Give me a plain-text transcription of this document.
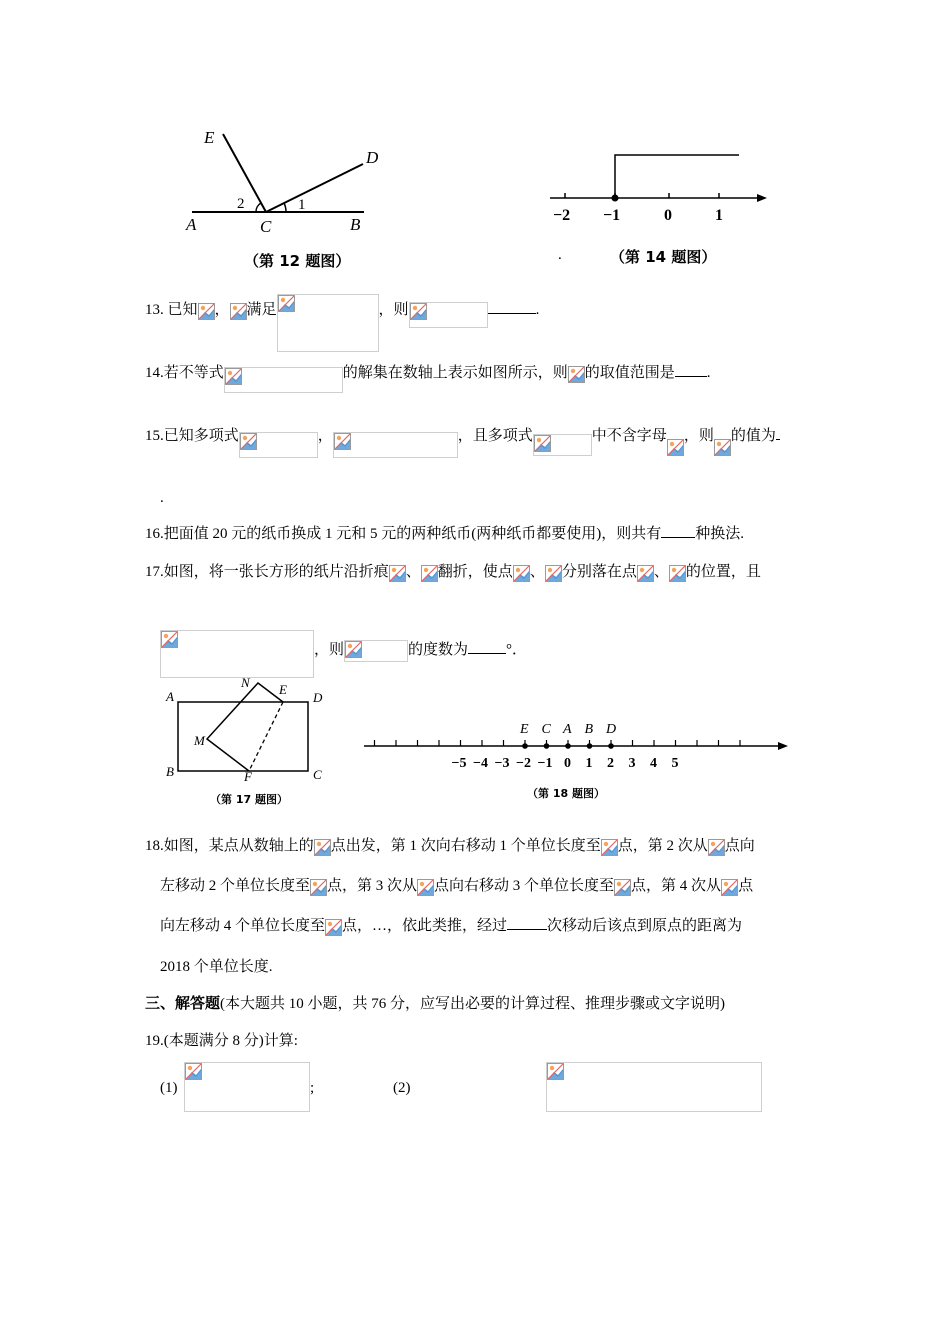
E
D
A	C	B
1
2
（第 12 题图）
−2 −1	0	1
.	（第 14 题图）
13. 已知 ， 满足	，则	.
14.若不等式	的解集在数轴上表示如图所示，则 的取值范围是 .
15.已知多项式	，	，且多项式	中不含字母 ，则 的值为
.
16.把面值 20 元的纸币换成 1 元和 5 元的两种纸币(两种纸币都要使用)，则共有 种换法.
17.如图，将一张长方形的纸片沿折痕 、 翻折，使点 、 分别落在点 、 的位置，且
，则	的度数为	°．
A
N E
D
M
B	F	C
（第 17 题图）
−5 −4 −3 −2 −1 0 1 2 3 4 5
E C A B D
（第 18 题图）
18.如图，某点从数轴上的 点出发，第 1 次向右移动 1 个单位长度至 点，第 2 次从 点向
左移动 2 个单位长度至 点，第 3 次从 点向右移动 3 个单位长度至 点，第 4 次从 点
向左移动 4 个单位长度至 点，…，依此类推，经过	次移动后该点到原点的距离为
2018 个单位长度.
三、解答题(本大题共 10 小题，共 76 分，应写出必要的计算过程、推理步骤或文字说明)
19.(本题满分 8 分)计算:
(1)
	;	(2)
